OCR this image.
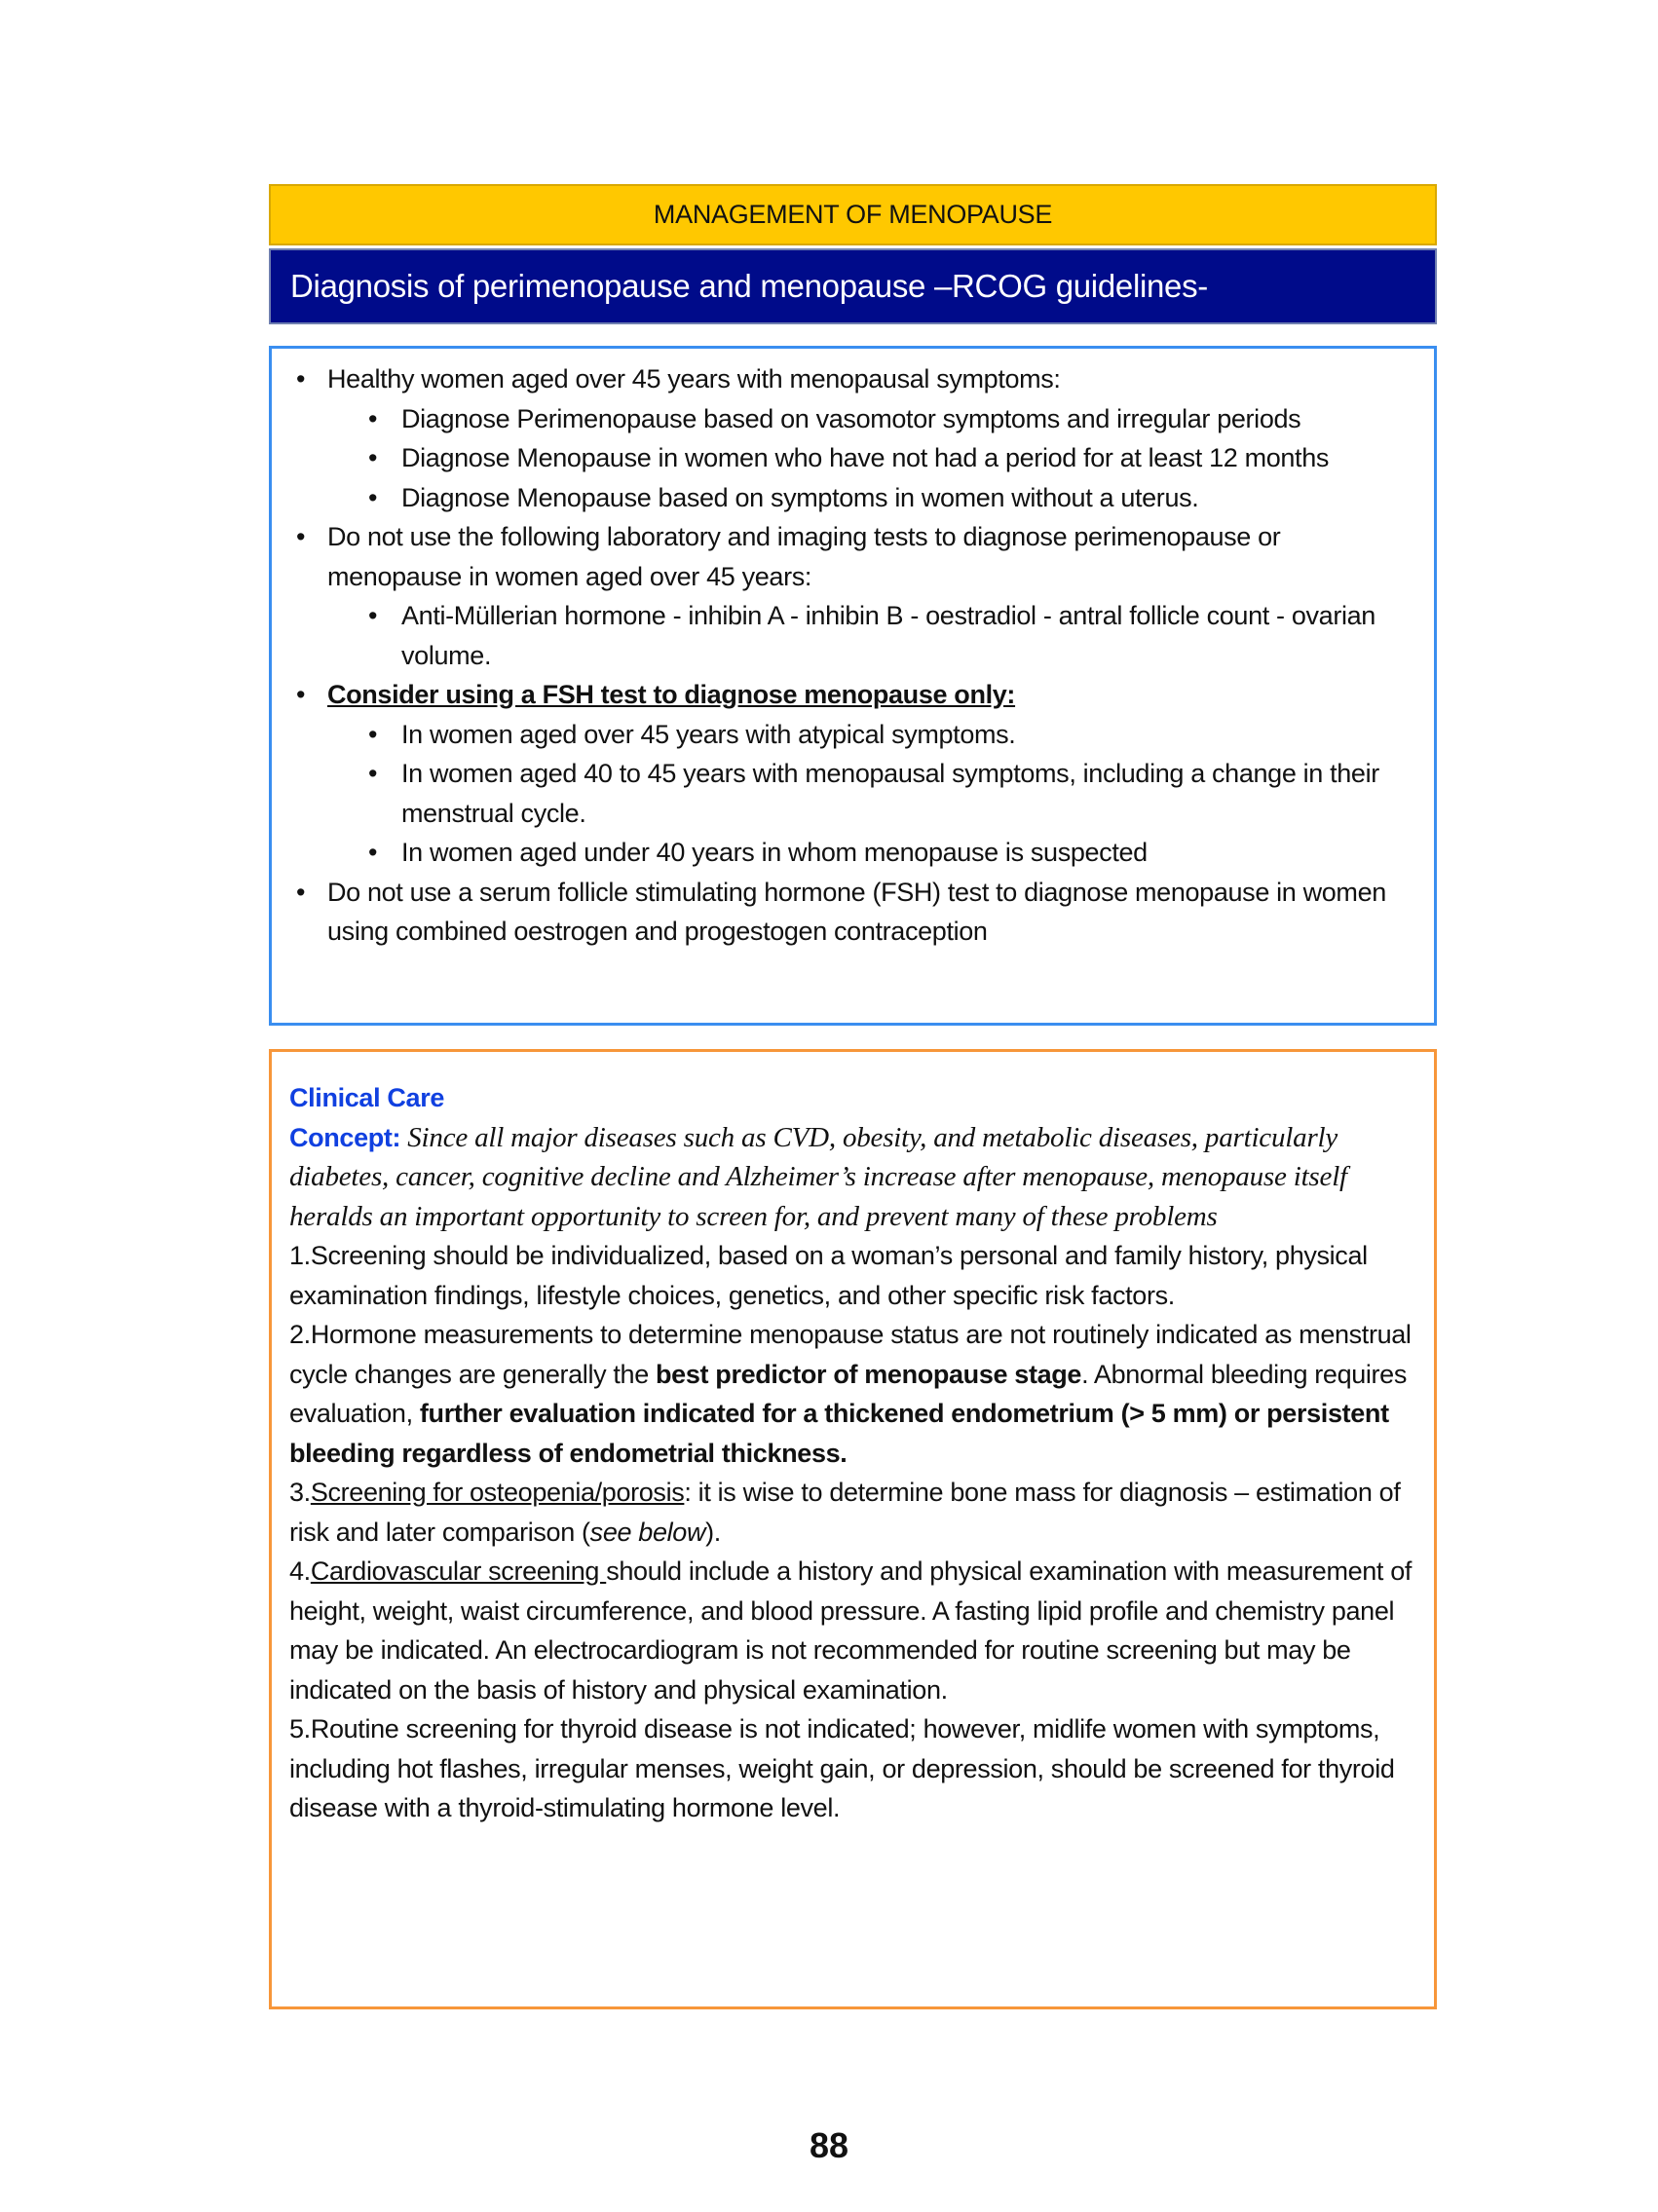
MANAGEMENT OF MENOPAUSE
Diagnosis of perimenopause and menopause –RCOG guidelines-
• Healthy women aged over 45 years with menopausal symptoms:
• Diagnose Perimenopause based on vasomotor symptoms and irregular periods
• Diagnose Menopause in women who have not had a period for at least 12 months
• Diagnose Menopause based on symptoms in women without a uterus.
• Do not use the following laboratory and imaging tests to diagnose perimenopause or menopause in women aged over 45 years:
• Anti-Müllerian hormone - inhibin A - inhibin B - oestradiol - antral follicle count - ovarian volume.
• Consider using a FSH test to diagnose menopause only:
• In women aged over 45 years with atypical symptoms.
• In women aged 40 to 45 years with menopausal symptoms, including a change in their menstrual cycle.
• In women aged under 40 years in whom menopause is suspected
• Do not use a serum follicle stimulating hormone (FSH) test to diagnose menopause in women using combined oestrogen and progestogen contraception
Clinical Care
Concept: Since all major diseases such as CVD, obesity, and metabolic diseases, particularly diabetes, cancer, cognitive decline and Alzheimer’s increase after menopause, menopause itself heralds an important opportunity to screen for, and prevent many of these problems
1.Screening should be individualized, based on a woman’s personal and family history, physical examination findings, lifestyle choices, genetics, and other specific risk factors.
2.Hormone measurements to determine menopause status are not routinely indicated as menstrual cycle changes are generally the best predictor of menopause stage. Abnormal bleeding requires evaluation, further evaluation indicated for a thickened endometrium (> 5 mm) or persistent bleeding regardless of endometrial thickness.
3.Screening for osteopenia/porosis: it is wise to determine bone mass for diagnosis – estimation of risk and later comparison (see below).
4.Cardiovascular screening should include a history and physical examination with measurement of height, weight, waist circumference, and blood pressure. A fasting lipid profile and chemistry panel may be indicated. An electrocardiogram is not recommended for routine screening but may be indicated on the basis of history and physical examination.
5.Routine screening for thyroid disease is not indicated; however, midlife women with symptoms, including hot flashes, irregular menses, weight gain, or depression, should be screened for thyroid disease with a thyroid-stimulating hormone level.
88
